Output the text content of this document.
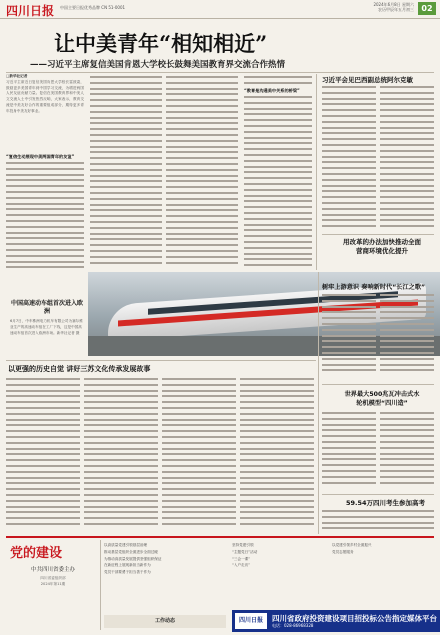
四川日报 中国主要日报优秀品牌 CN 51-0001
2024年6月8日 星期六
农历甲辰年五月初三 02
让中美青年“相知相近”
——习近平主席复信美国肯恩大学校长鼓舞美国教育界交流合作热情
□新华社记者
习近平主席近日复信美国肯恩大学校长雷波索，鼓励更多美国青年到中国学习交流，为增进两国人民友谊贡献力量。复信在美国教育界和中美人文交流人士中引发热烈反响，大家表示，教育交流是中美友好合作的重要组成部分，期待更多青年投身中美友好事业。
“复信生动展现中美两国青年的友谊”
“教育是沟通美中关系的桥梁”
习近平会见巴西副总统阿尔克敏
用改革的办法加快推动全面营商环境优化提升
中国高速动车组首次进入欧洲
6月7日，中车株洲电力机车有限公司为塞尔维亚生产的高速动车组在工厂下线，这是中国高速动车组首次进入欧洲市场。新华社记者 摄
以更强的历史自觉 讲好三苏文化传承发展故事
树牢上游意识 奏响新时代“长江之歌”
世界最大500兆瓦冲击式水轮机模型“四川造”
59.54万四川考生参加高考
党的建设
中共四川省委主办
四川省委组织部
2024年第11期
以高质量党建引领基层治理
推动基层党组织全面进步全面过硬
为推动高质量发展提供坚强组织保证
在新征程上展现新担当新作为
党员干部要勇于担当善于作为
工作动态
坚持党建引领
“主题党日”活动
“三会一课”
“入户走访”
以党建引领乡村全面振兴
党员志愿服务
四川日报	四川省政府投资建设项目招投标公告指定媒体平台
电话：028-86968328
